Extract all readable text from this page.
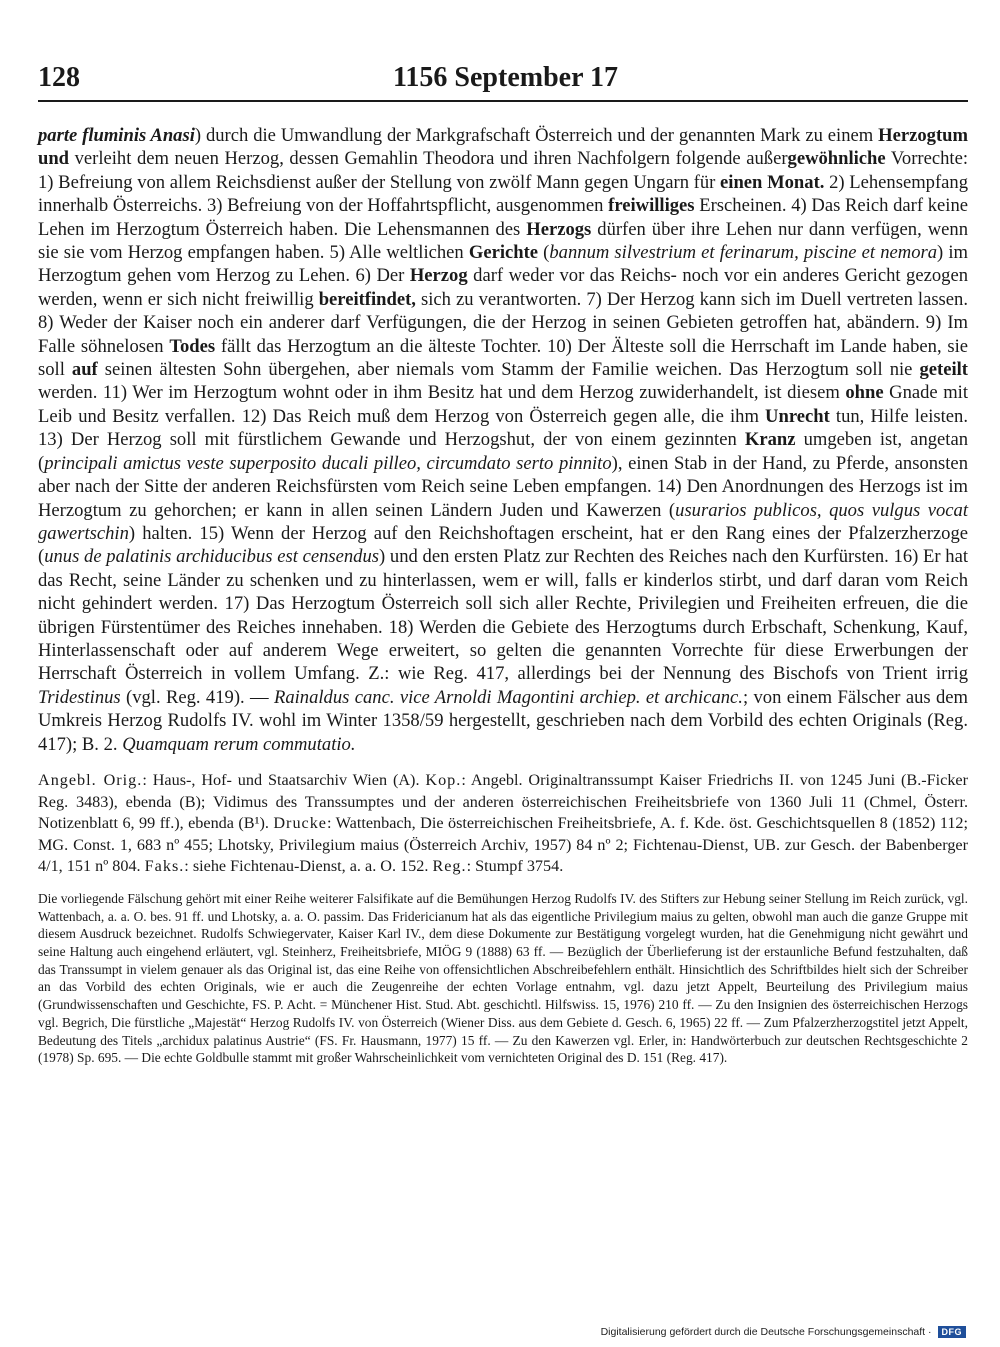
128	1156 September 17
parte fluminis Anasi) durch die Umwandlung der Markgrafschaft Österreich und der genannten Mark zu einem Herzogtum und verleiht dem neuen Herzog, dessen Gemahlin Theodora und ihren Nachfolgern folgende außergewöhnliche Vorrechte: 1) Befreiung von allem Reichsdienst außer der Stellung von zwölf Mann gegen Ungarn für einen Monat. 2) Lehensempfang innerhalb Österreichs. 3) Befreiung von der Hoffahrtspflicht, ausgenommen freiwilliges Erscheinen. 4) Das Reich darf keine Lehen im Herzogtum Österreich haben. Die Lehensmannen des Herzogs dürfen über ihre Lehen nur dann verfügen, wenn sie sie vom Herzog empfangen haben. 5) Alle weltlichen Gerichte (bannum silvestrium et ferinarum, piscine et nemora) im Herzogtum gehen vom Herzog zu Lehen. 6) Der Herzog darf weder vor das Reichs- noch vor ein anderes Gericht gezogen werden, wenn er sich nicht freiwillig bereitfindet, sich zu verantworten. 7) Der Herzog kann sich im Duell vertreten lassen. 8) Weder der Kaiser noch ein anderer darf Verfügungen, die der Herzog in seinen Gebieten getroffen hat, abändern. 9) Im Falle söhnelosen Todes fällt das Herzogtum an die älteste Tochter. 10) Der Älteste soll die Herrschaft im Lande haben, sie soll auf seinen ältesten Sohn übergehen, aber niemals vom Stamm der Familie weichen. Das Herzogtum soll nie geteilt werden. 11) Wer im Herzogtum wohnt oder in ihm Besitz hat und dem Herzog zuwiderhandelt, ist diesem ohne Gnade mit Leib und Besitz verfallen. 12) Das Reich muß dem Herzog von Österreich gegen alle, die ihm Unrecht tun, Hilfe leisten. 13) Der Herzog soll mit fürstlichem Gewande und Herzogshut, der von einem gezinnten Kranz umgeben ist, angetan (principali amictus veste superposito ducali pilleo, circumdato serto pinnito), einen Stab in der Hand, zu Pferde, ansonsten aber nach der Sitte der anderen Reichsfürsten vom Reich seine Leben empfangen. 14) Den Anordnungen des Herzogs ist im Herzogtum zu gehorchen; er kann in allen seinen Ländern Juden und Kawerzen (usurarios publicos, quos vulgus vocat gawertschin) halten. 15) Wenn der Herzog auf den Reichshoftagen erscheint, hat er den Rang eines der Pfalzerzherzoge (unus de palatinis archiducibus est censendus) und den ersten Platz zur Rechten des Reiches nach den Kurfürsten. 16) Er hat das Recht, seine Länder zu schenken und zu hinterlassen, wem er will, falls er kinderlos stirbt, und darf daran vom Reich nicht gehindert werden. 17) Das Herzogtum Österreich soll sich aller Rechte, Privilegien und Freiheiten erfreuen, die die übrigen Fürstentümer des Reiches innehaben. 18) Werden die Gebiete des Herzogtums durch Erbschaft, Schenkung, Kauf, Hinterlassenschaft oder auf anderem Wege erweitert, so gelten die genannten Vorrechte für diese Erwerbungen der Herrschaft Österreich in vollem Umfang. Z.: wie Reg. 417, allerdings bei der Nennung des Bischofs von Trient irrig Tridestinus (vgl. Reg. 419). — Rainaldus canc. vice Arnoldi Magontini archiep. et archicanc.; von einem Fälscher aus dem Umkreis Herzog Rudolfs IV. wohl im Winter 1358/59 hergestellt, geschrieben nach dem Vorbild des echten Originals (Reg. 417); B. 2. Quamquam rerum commutatio.
Angebl. Orig.: Haus-, Hof- und Staatsarchiv Wien (A). Kop.: Angebl. Originaltranssumpt Kaiser Friedrichs II. von 1245 Juni (B.-Ficker Reg. 3483), ebenda (B); Vidimus des Transsumptes und der anderen österreichischen Freiheitsbriefe von 1360 Juli 11 (Chmel, Österr. Notizenblatt 6, 99 ff.), ebenda (B¹). Drucke: Wattenbach, Die österreichischen Freiheitsbriefe, A. f. Kde. öst. Geschichtsquellen 8 (1852) 112; MG. Const. 1, 683 nº 455; Lhotsky, Privilegium maius (Österreich Archiv, 1957) 84 nº 2; Fichtenau-Dienst, UB. zur Gesch. der Babenberger 4/1, 151 nº 804. Faks.: siehe Fichtenau-Dienst, a. a. O. 152. Reg.: Stumpf 3754.
Die vorliegende Fälschung gehört mit einer Reihe weiterer Falsifikate auf die Bemühungen Herzog Rudolfs IV. des Stifters zur Hebung seiner Stellung im Reich zurück, vgl. Wattenbach, a. a. O. bes. 91 ff. und Lhotsky, a. a. O. passim. Das Fridericianum hat als das eigentliche Privilegium maius zu gelten, obwohl man auch die ganze Gruppe mit diesem Ausdruck bezeichnet. Rudolfs Schwiegervater, Kaiser Karl IV., dem diese Dokumente zur Bestätigung vorgelegt wurden, hat die Genehmigung nicht gewährt und seine Haltung auch eingehend erläutert, vgl. Steinherz, Freiheitsbriefe, MIÖG 9 (1888) 63 ff. — Bezüglich der Überlieferung ist der erstaunliche Befund festzuhalten, daß das Transsumpt in vielem genauer als das Original ist, das eine Reihe von offensichtlichen Abschreibefehlern enthält. Hinsichtlich des Schriftbildes hielt sich der Schreiber an das Vorbild des echten Originals, wie er auch die Zeugenreihe der echten Vorlage entnahm, vgl. dazu jetzt Appelt, Beurteilung des Privilegium maius (Grundwissenschaften und Geschichte, FS. P. Acht. = Münchener Hist. Stud. Abt. geschichtl. Hilfswiss. 15, 1976) 210 ff. — Zu den Insignien des österreichischen Herzogs vgl. Begrich, Die fürstliche „Majestät“ Herzog Rudolfs IV. von Österreich (Wiener Diss. aus dem Gebiete d. Gesch. 6, 1965) 22 ff. — Zum Pfalzerzherzogstitel jetzt Appelt, Bedeutung des Titels „archidux palatinus Austrie“ (FS. Fr. Hausmann, 1977) 15 ff. — Zu den Kawerzen vgl. Erler, in: Handwörterbuch zur deutschen Rechtsgeschichte 2 (1978) Sp. 695. — Die echte Goldbulle stammt mit großer Wahrscheinlichkeit vom vernichteten Original des D. 151 (Reg. 417).
Digitalisierung gefördert durch die Deutsche Forschungsgemeinschaft ·	DFG
